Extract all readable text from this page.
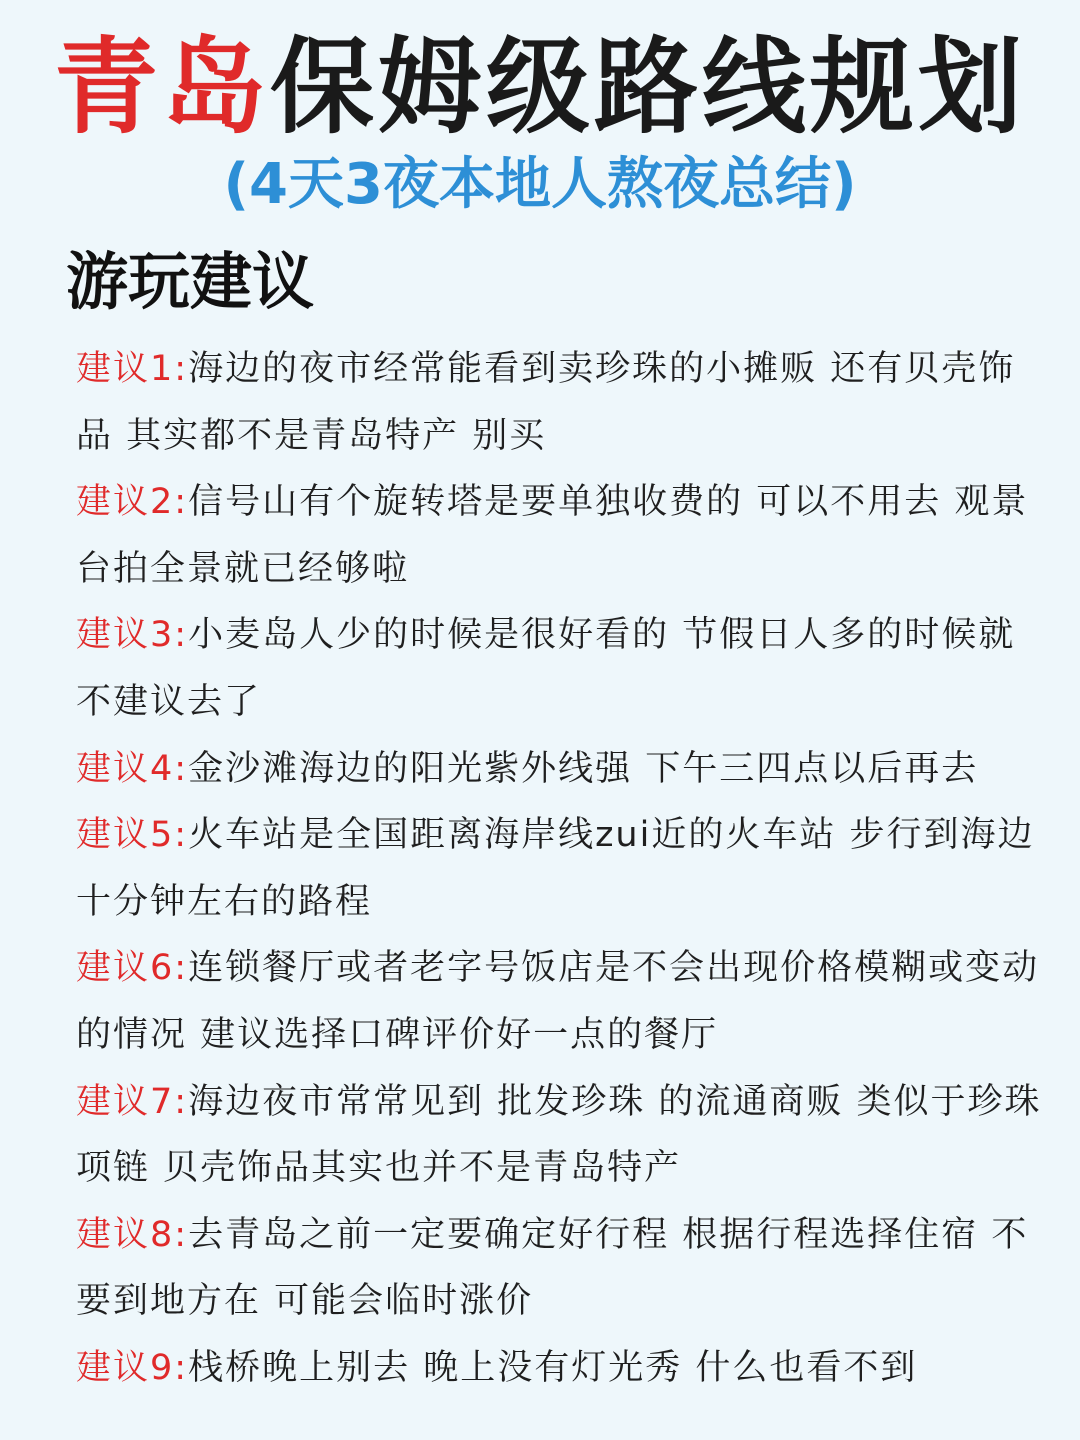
青岛保姆级路线规划
(4天3夜本地人熬夜总结)
游玩建议
建议1:海边的夜市经常能看到卖珍珠的小摊贩 还有贝壳饰品 其实都不是青岛特产 别买
建议2:信号山有个旋转塔是要单独收费的 可以不用去 观景台拍全景就已经够啦
建议3:小麦岛人少的时候是很好看的 节假日人多的时候就不建议去了
建议4:金沙滩海边的阳光紫外线强 下午三四点以后再去
建议5:火车站是全国距离海岸线zui近的火车站 步行到海边十分钟左右的路程
建议6:连锁餐厅或者老字号饭店是不会出现价格模糊或变动的情况 建议选择口碑评价好一点的餐厅
建议7:海边夜市常常见到 批发珍珠 的流通商贩 类似于珍珠项链 贝壳饰品其实也并不是青岛特产
建议8:去青岛之前一定要确定好行程 根据行程选择住宿 不要到地方在 可能会临时涨价
建议9:栈桥晚上别去 晚上没有灯光秀 什么也看不到
